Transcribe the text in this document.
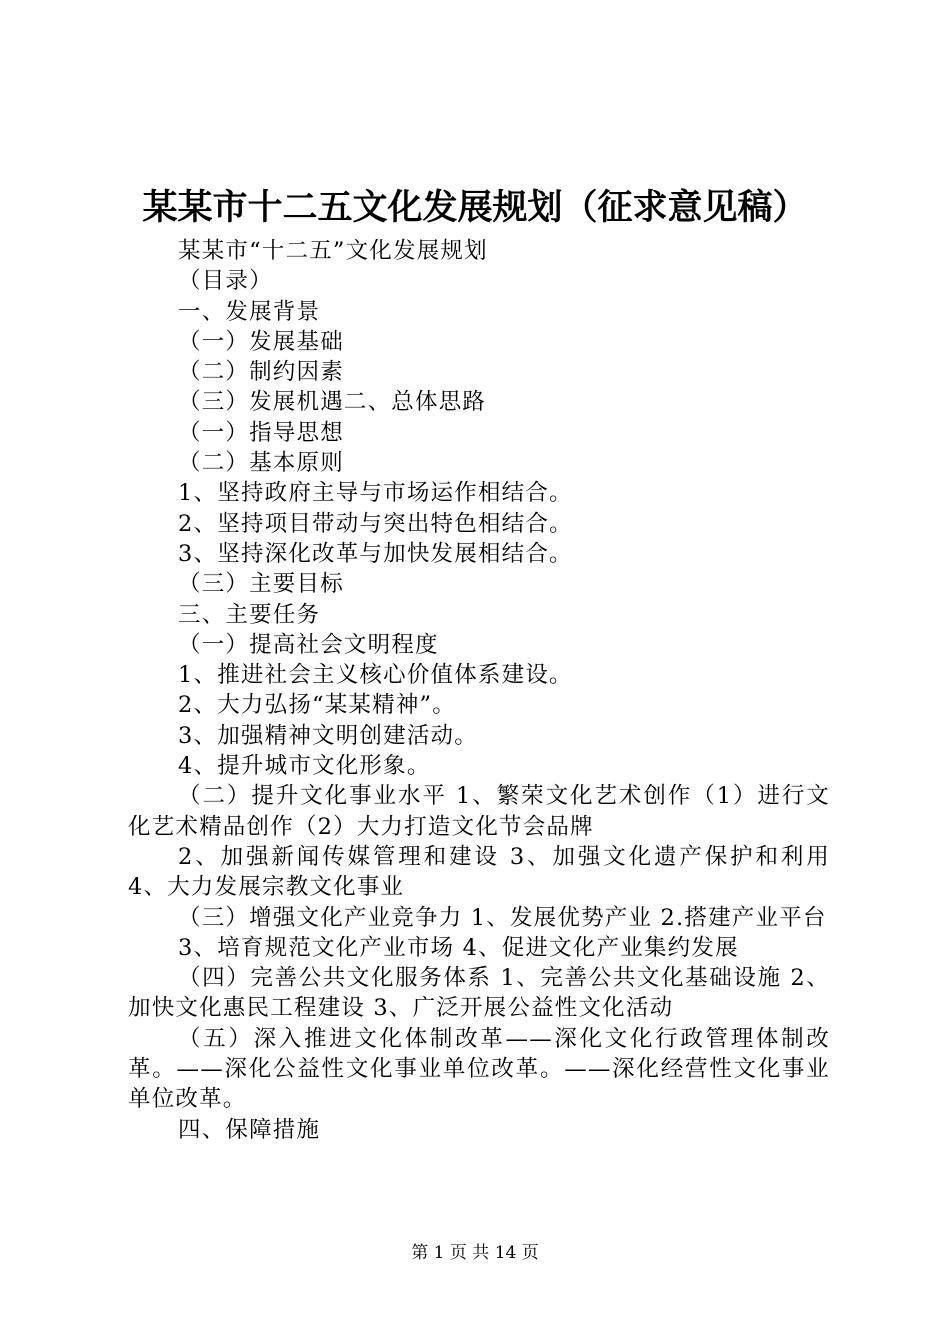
某某市十二五文化发展规划（征求意见稿）
某某市“十二五”文化发展规划
（目录）
一、发展背景
（一）发展基础
（二）制约因素
（三）发展机遇二、总体思路
（一）指导思想
（二）基本原则
1、坚持政府主导与市场运作相结合。
2、坚持项目带动与突出特色相结合。
3、坚持深化改革与加快发展相结合。
（三）主要目标
三、主要任务
（一）提高社会文明程度
1、推进社会主义核心价值体系建设。
2、大力弘扬“某某精神”。
3、加强精神文明创建活动。
4、提升城市文化形象。
（二）提升文化事业水平 1、繁荣文化艺术创作（1）进行文化艺术精品创作（2）大力打造文化节会品牌
2、加强新闻传媒管理和建设 3、加强文化遗产保护和利用 4、大力发展宗教文化事业
（三）增强文化产业竞争力 1、发展优势产业 2.搭建产业平台
3、培育规范文化产业市场 4、促进文化产业集约发展
（四）完善公共文化服务体系 1、完善公共文化基础设施 2、加快文化惠民工程建设 3、广泛开展公益性文化活动
（五）深入推进文化体制改革——深化文化行政管理体制改革。——深化公益性文化事业单位改革。——深化经营性文化事业单位改革。
四、保障措施
第 1 页 共 14 页
